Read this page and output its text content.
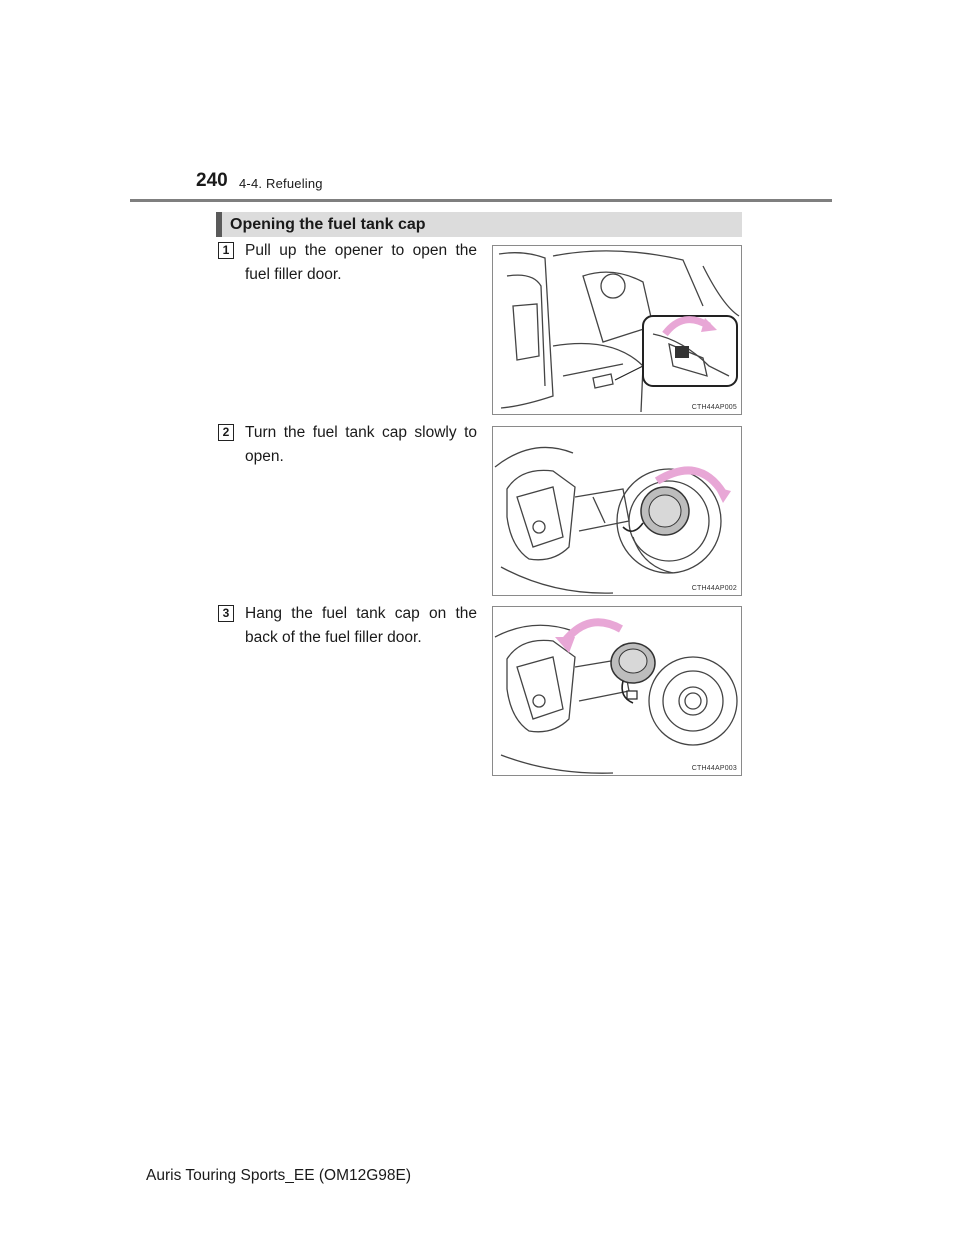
240 4-4. Refueling
Opening the fuel tank cap
1	Pull up the opener to open the fuel filler door.
CTH44AP005
2	Turn the fuel tank cap slowly to open.
CTH44AP002
3	Hang the fuel tank cap on the back of the fuel filler door.
CTH44AP003
Auris Touring Sports_EE (OM12G98E)
